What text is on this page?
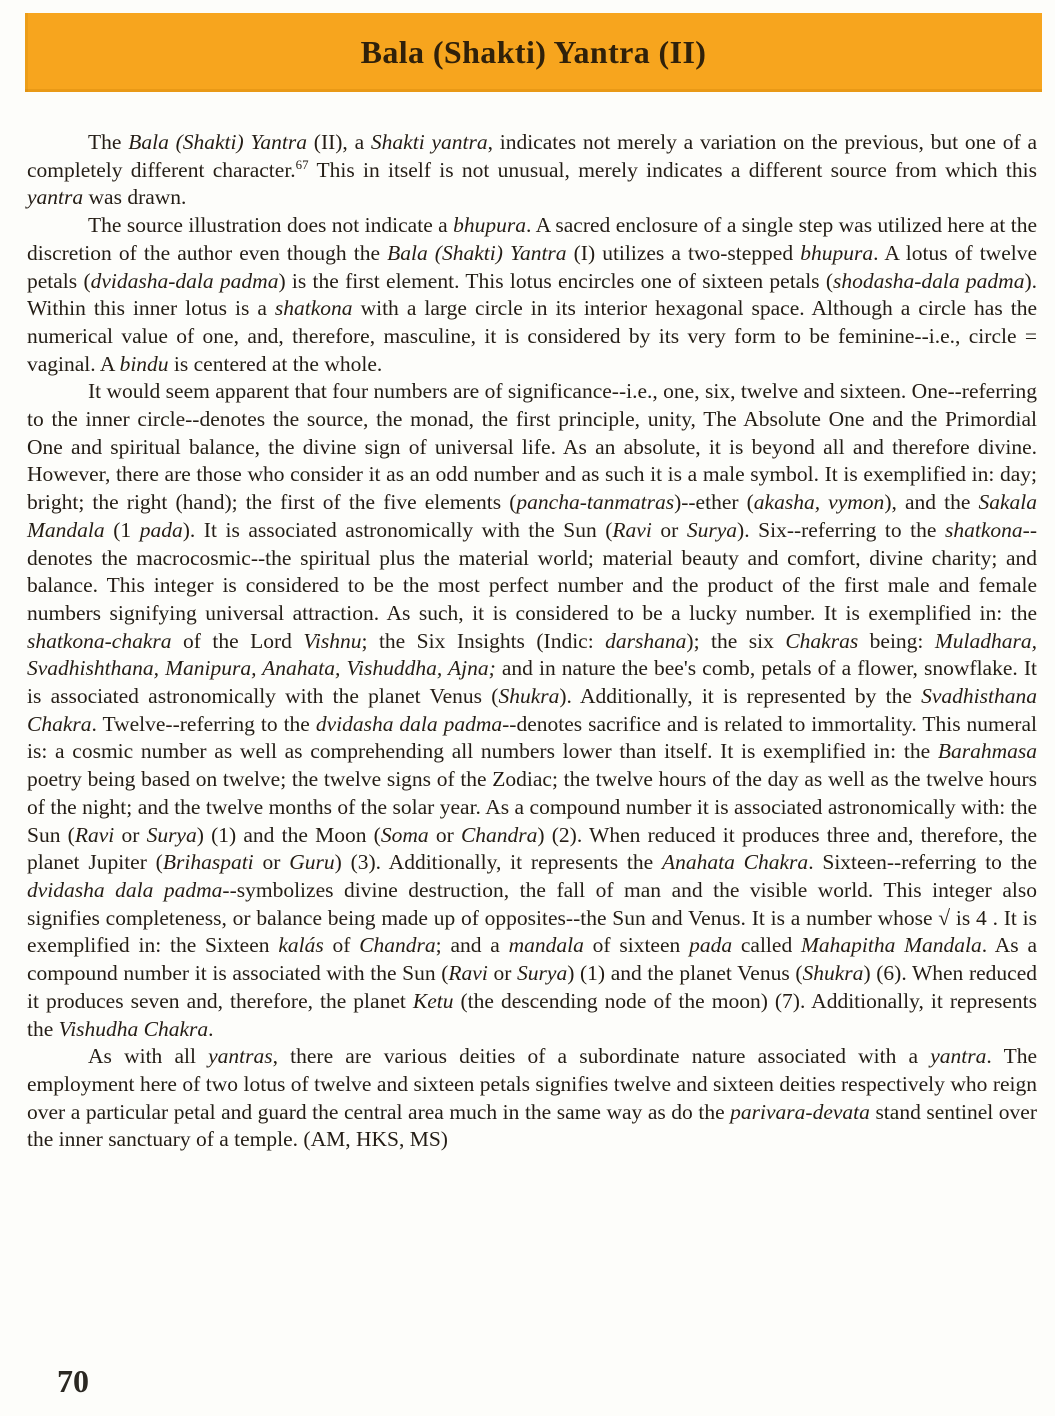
Bala (Shakti) Yantra (II)

The Bala (Shakti) Yantra (II), a Shakti yantra, indicates not merely a variation on the previous, but one of a completely different character.$^{67}$ This in itself is not unusual, merely indicates a different source from which this yantra was drawn.

The source illustration does not indicate a bhupura. A sacred enclosure of a single step was utilized here at the discretion of the author even though the Bala (Shakti) Yantra (I) utilizes a two-stepped bhupura. A lotus of twelve petals (dvidasha-dala padma) is the first element. This lotus encircles one of sixteen petals (shodasha-dala padma). Within this inner lotus is a shatkona with a large circle in its interior hexagonal space. Although a circle has the numerical value of one, and, therefore, masculine, it is considered by its very form to be feminine--i.e., circle = vaginal. A bindu is centered at the whole.

It would seem apparent that four numbers are of significance--i.e., one, six, twelve and sixteen. One--referring to the inner circle--denotes the source, the monad, the first principle, unity, The Absolute One and the Primordial One and spiritual balance, the divine sign of universal life. As an absolute, it is beyond all and therefore divine. However, there are those who consider it as an odd number and as such it is a male symbol. It is exemplified in: day; bright; the right (hand); the first of the five elements (pancha-tanmatras)--ether (akasha, vymon), and the Sakala Mandala (1 pada). It is associated astronomically with the Sun (Ravi or Surya). Six--referring to the shatkona--denotes the macrocosmic--the spiritual plus the material world; material beauty and comfort, divine charity; and balance. This integer is considered to be the most perfect number and the product of the first male and female numbers signifying universal attraction. As such, it is considered to be a lucky number. It is exemplified in: the shatkona-chakra of the Lord Vishnu; the Six Insights (Indic: darshana); the six Chakras being: Muladhara, Svadhishthana, Manipura, Anahata, Vishuddha, Ajna; and in nature the bee's comb, petals of a flower, snowflake. It is associated astronomically with the planet Venus (Shukra). Additionally, it is represented by the Svadhisthana Chakra. Twelve--referring to the dvidasha dala padma--denotes sacrifice and is related to immortality. This numeral is: a cosmic number as well as comprehending all numbers lower than itself. It is exemplified in: the Barahmasa poetry being based on twelve; the twelve signs of the Zodiac; the twelve hours of the day as well as the twelve hours of the night; and the twelve months of the solar year. As a compound number it is associated astronomically with: the Sun (Ravi or Surya) (1) and the Moon (Soma or Chandra) (2). When reduced it produces three and, therefore, the planet Jupiter (Brihaspati or Guru) (3). Additionally, it represents the Anahata Chakra. Sixteen--referring to the dvidasha dala padma--symbolizes divine destruction, the fall of man and the visible world. This integer also signifies completeness, or balance being made up of opposites--the Sun and Venus. It is a number whose √ is 4 . It is exemplified in: the Sixteen kalás of Chandra; and a mandala of sixteen pada called Mahapitha Mandala. As a compound number it is associated with the Sun (Ravi or Surya) (1) and the planet Venus (Shukra) (6). When reduced it produces seven and, therefore, the planet Ketu (the descending node of the moon) (7). Additionally, it represents the Vishudha Chakra.

As with all yantras, there are various deities of a subordinate nature associated with a yantra. The employment here of two lotus of twelve and sixteen petals signifies twelve and sixteen deities respectively who reign over a particular petal and guard the central area much in the same way as do the parivara-devata stand sentinel over the inner sanctuary of a temple. (AM, HKS, MS)

70
